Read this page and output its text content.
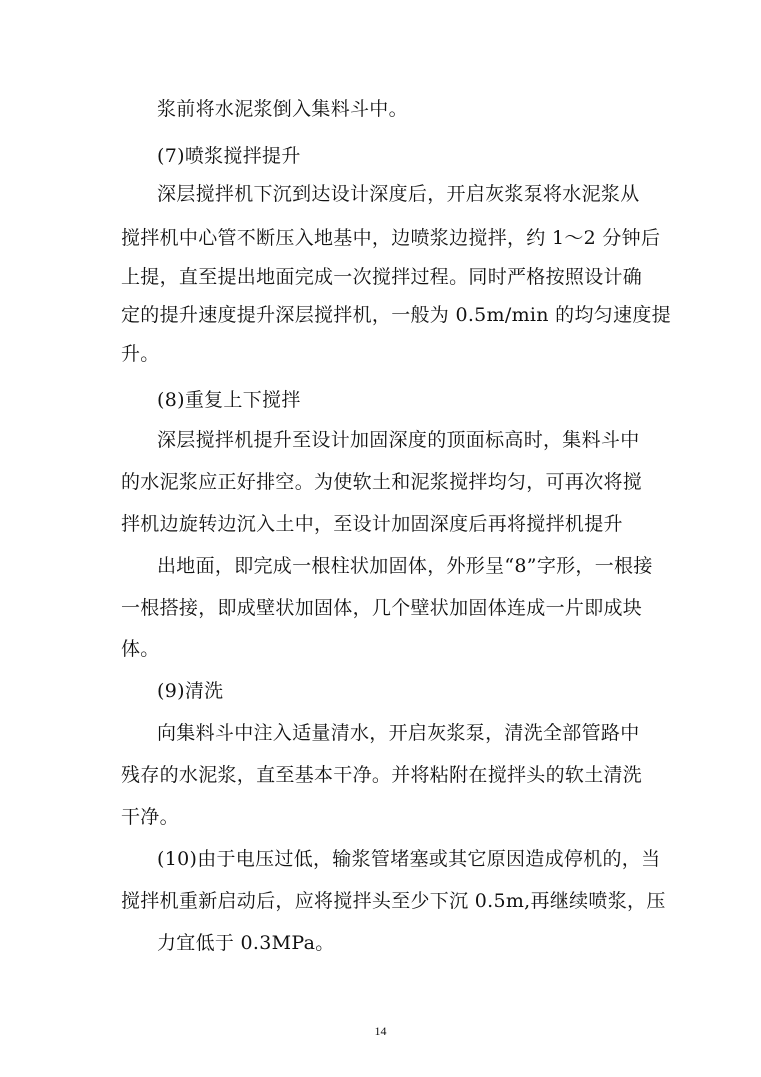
浆前将水泥浆倒入集料斗中。
(7)喷浆搅拌提升
深层搅拌机下沉到达设计深度后，开启灰浆泵将水泥浆从
搅拌机中心管不断压入地基中，边喷浆边搅拌，约 1～2 分钟后
上提，直至提出地面完成一次搅拌过程。同时严格按照设计确
定的提升速度提升深层搅拌机，一般为 0.5m/min 的均匀速度提
升。
(8)重复上下搅拌
深层搅拌机提升至设计加固深度的顶面标高时，集料斗中
的水泥浆应正好排空。为使软土和泥浆搅拌均匀，可再次将搅
拌机边旋转边沉入土中，至设计加固深度后再将搅拌机提升
出地面，即完成一根柱状加固体，外形呈“8”字形，一根接
一根搭接，即成壁状加固体，几个壁状加固体连成一片即成块
体。
(9)清洗
向集料斗中注入适量清水，开启灰浆泵，清洗全部管路中
残存的水泥浆，直至基本干净。并将粘附在搅拌头的软土清洗
干净。
(10)由于电压过低，输浆管堵塞或其它原因造成停机的，当
搅拌机重新启动后，应将搅拌头至少下沉 0.5m,再继续喷浆，压
力宜低于 0.3MPa。
14
